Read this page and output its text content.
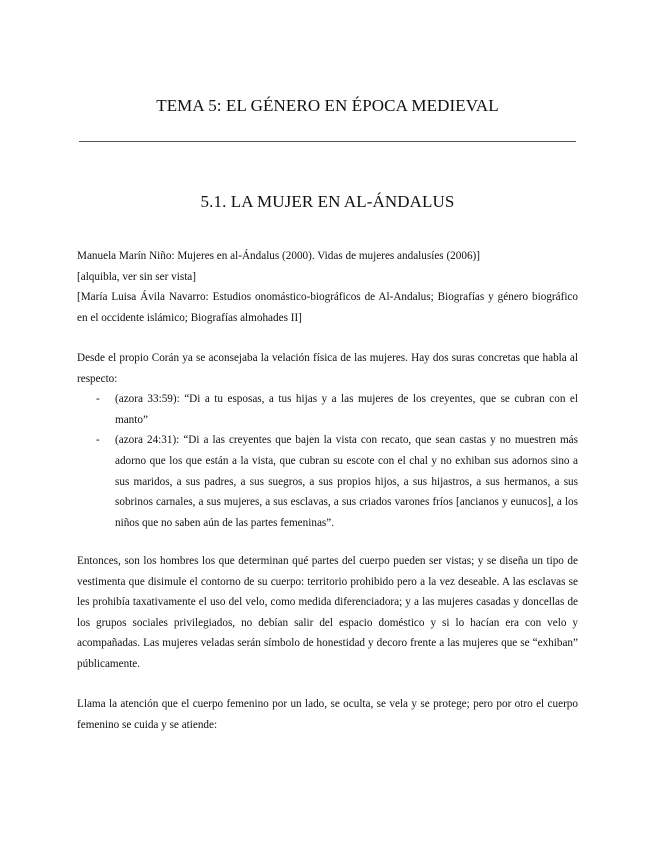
TEMA 5: EL GÉNERO EN ÉPOCA MEDIEVAL
5.1. LA MUJER EN AL-ÁNDALUS

Manuela Marín Niño: Mujeres en al-Ándalus (2000). Vidas de mujeres andalusíes (2006)]

[alquibla, ver sin ser vista]

[María Luisa Ávila Navarro: Estudios onomástico-biográficos de Al-Andalus; Biografías y género biográfico en el occidente islámico; Biografías almohades II]

Desde el propio Corán ya se aconsejaba la velación física de las mujeres. Hay dos suras concretas que habla al respecto:

- (azora 33:59): “Di a tu esposas, a tus hijas y a las mujeres de los creyentes, que se cubran con el manto”
- (azora 24:31): “Di a las creyentes que bajen la vista con recato, que sean castas y no muestren más adorno que los que están a la vista, que cubran su escote con el chal y no exhiban sus adornos sino a sus maridos, a sus padres, a sus suegros, a sus propios hijos, a sus hijastros, a sus hermanos, a sus sobrinos carnales, a sus mujeres, a sus esclavas, a sus criados varones fríos [ancianos y eunucos], a los niños que no saben aún de las partes femeninas”.

Entonces, son los hombres los que determinan qué partes del cuerpo pueden ser vistas; y se diseña un tipo de vestimenta que disimule el contorno de su cuerpo: territorio prohibido pero a la vez deseable. A las esclavas se les prohibía taxativamente el uso del velo, como medida diferenciadora; y a las mujeres casadas y doncellas de los grupos sociales privilegiados, no debían salir del espacio doméstico y si lo hacían era con velo y acompañadas. Las mujeres veladas serán símbolo de honestidad y decoro frente a las mujeres que se “exhiban” públicamente.

Llama la atención que el cuerpo femenino por un lado, se oculta, se vela y se protege; pero por otro el cuerpo femenino se cuida y se atiende:
